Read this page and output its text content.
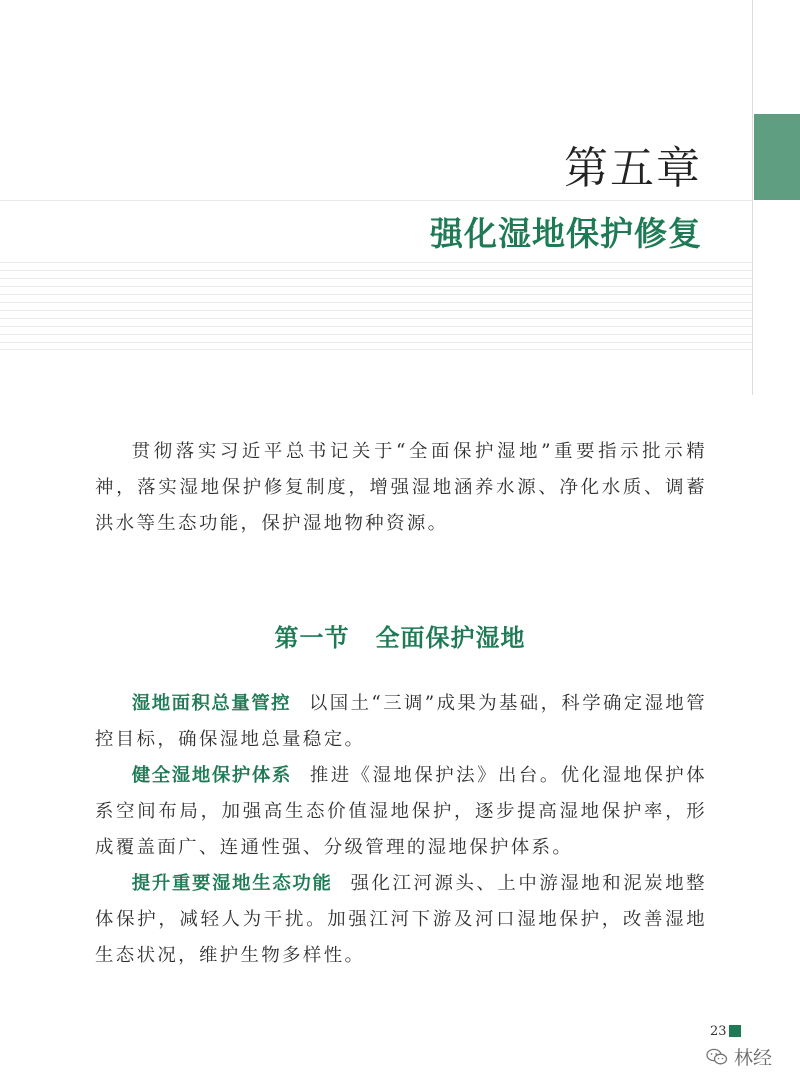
第五章
强化湿地保护修复

贯彻落实习近平总书记关于“全面保护湿地”重要指示批示精神，落实湿地保护修复制度，增强湿地涵养水源、净化水质、调蓄洪水等生态功能，保护湿地物种资源。

第一节 全面保护湿地

湿地面积总量管控 以国土“三调”成果为基础，科学确定湿地管控目标，确保湿地总量稳定。

健全湿地保护体系 推进《湿地保护法》出台。优化湿地保护体系空间布局，加强高生态价值湿地保护，逐步提高湿地保护率，形成覆盖面广、连通性强、分级管理的湿地保护体系。

提升重要湿地生态功能 强化江河源头、上中游湿地和泥炭地整体保护，减轻人为干扰。加强江河下游及河口湿地保护，改善湿地生态状况，维护生物多样性。

23
林经
